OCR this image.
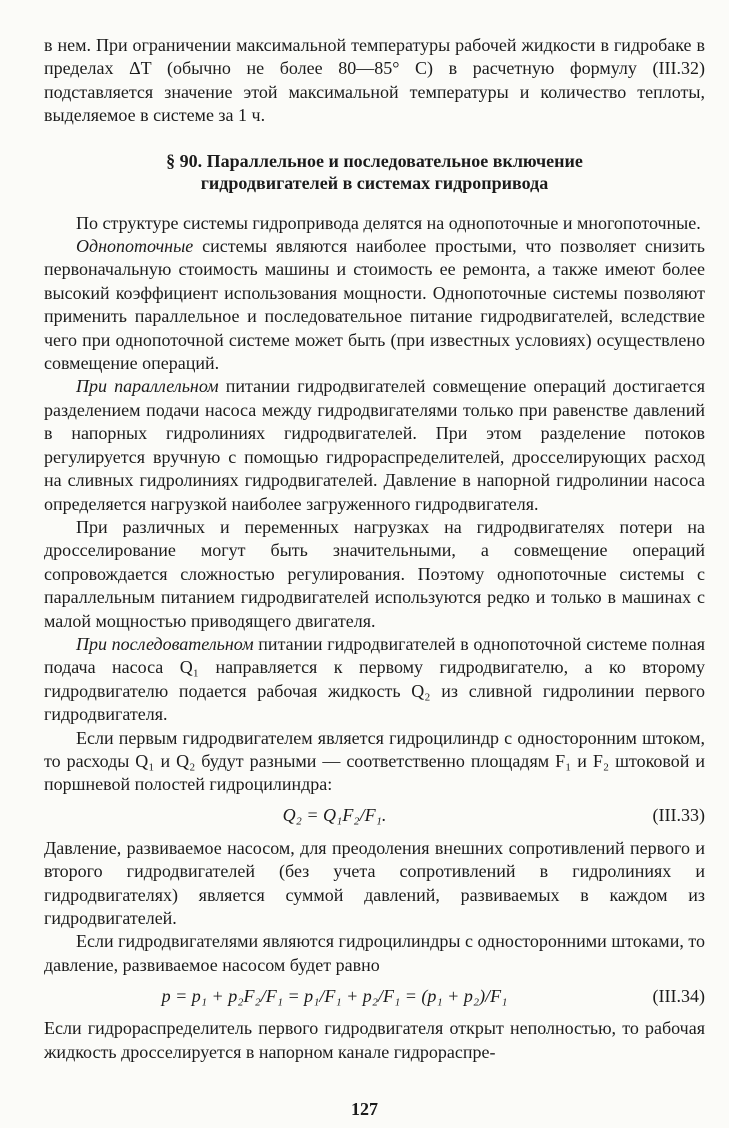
в нем. При ограничении максимальной температуры рабочей жидкости в гидробаке в пределах ΔT (обычно не более 80—85° С) в расчетную формулу (III.32) подставляется значение этой максимальной температуры и количество теплоты, выделяемое в системе за 1 ч.

§ 90. Параллельное и последовательное включение
гидродвигателей в системах гидропривода

По структуре системы гидропривода делятся на однопоточные и многопоточные.

Однопоточные системы являются наиболее простыми, что позволяет снизить первоначальную стоимость машины и стоимость ее ремонта, а также имеют более высокий коэффициент использования мощности. Однопоточные системы позволяют применить параллельное и последовательное питание гидродвигателей, вследствие чего при однопоточной системе может быть (при известных условиях) осуществлено совмещение операций.

При параллельном питании гидродвигателей совмещение операций достигается разделением подачи насоса между гидродвигателями только при равенстве давлений в напорных гидролиниях гидродвигателей. При этом разделение потоков регулируется вручную с помощью гидрораспределителей, дросселирующих расход на сливных гидролиниях гидродвигателей. Давление в напорной гидролинии насоса определяется нагрузкой наиболее загруженного гидродвигателя.

При различных и переменных нагрузках на гидродвигателях потери на дросселирование могут быть значительными, а совмещение операций сопровождается сложностью регулирования. Поэтому однопоточные системы с параллельным питанием гидродвигателей используются редко и только в машинах с малой мощностью приводящего двигателя.

При последовательном питании гидродвигателей в однопоточной системе полная подача насоса Q₁ направляется к первому гидродвигателю, а ко второму гидродвигателю подается рабочая жидкость Q₂ из сливной гидролинии первого гидродвигателя.

Если первым гидродвигателем является гидроцилиндр с односторонним штоком, то расходы Q₁ и Q₂ будут разными — соответственно площадям F₁ и F₂ штоковой и поршневой полостей гидроцилиндра:

Q₂ = Q₁F₂/F₁.	(III.33)

Давление, развиваемое насосом, для преодоления внешних сопротивлений первого и второго гидродвигателей (без учета сопротивлений в гидролиниях и гидродвигателях) является суммой давлений, развиваемых в каждом из гидродвигателей.

Если гидродвигателями являются гидроцилиндры с односторонними штоками, то давление, развиваемое насосом будет равно

p = p₁ + p₂F₂/F₁ = p₁/F₁ + p₂/F₁ = (p₁ + p₂)/F₁	(III.34)

Если гидрораспределитель первого гидродвигателя открыт неполностью, то рабочая жидкость дросселируется в напорном канале гидрораспре-

127
